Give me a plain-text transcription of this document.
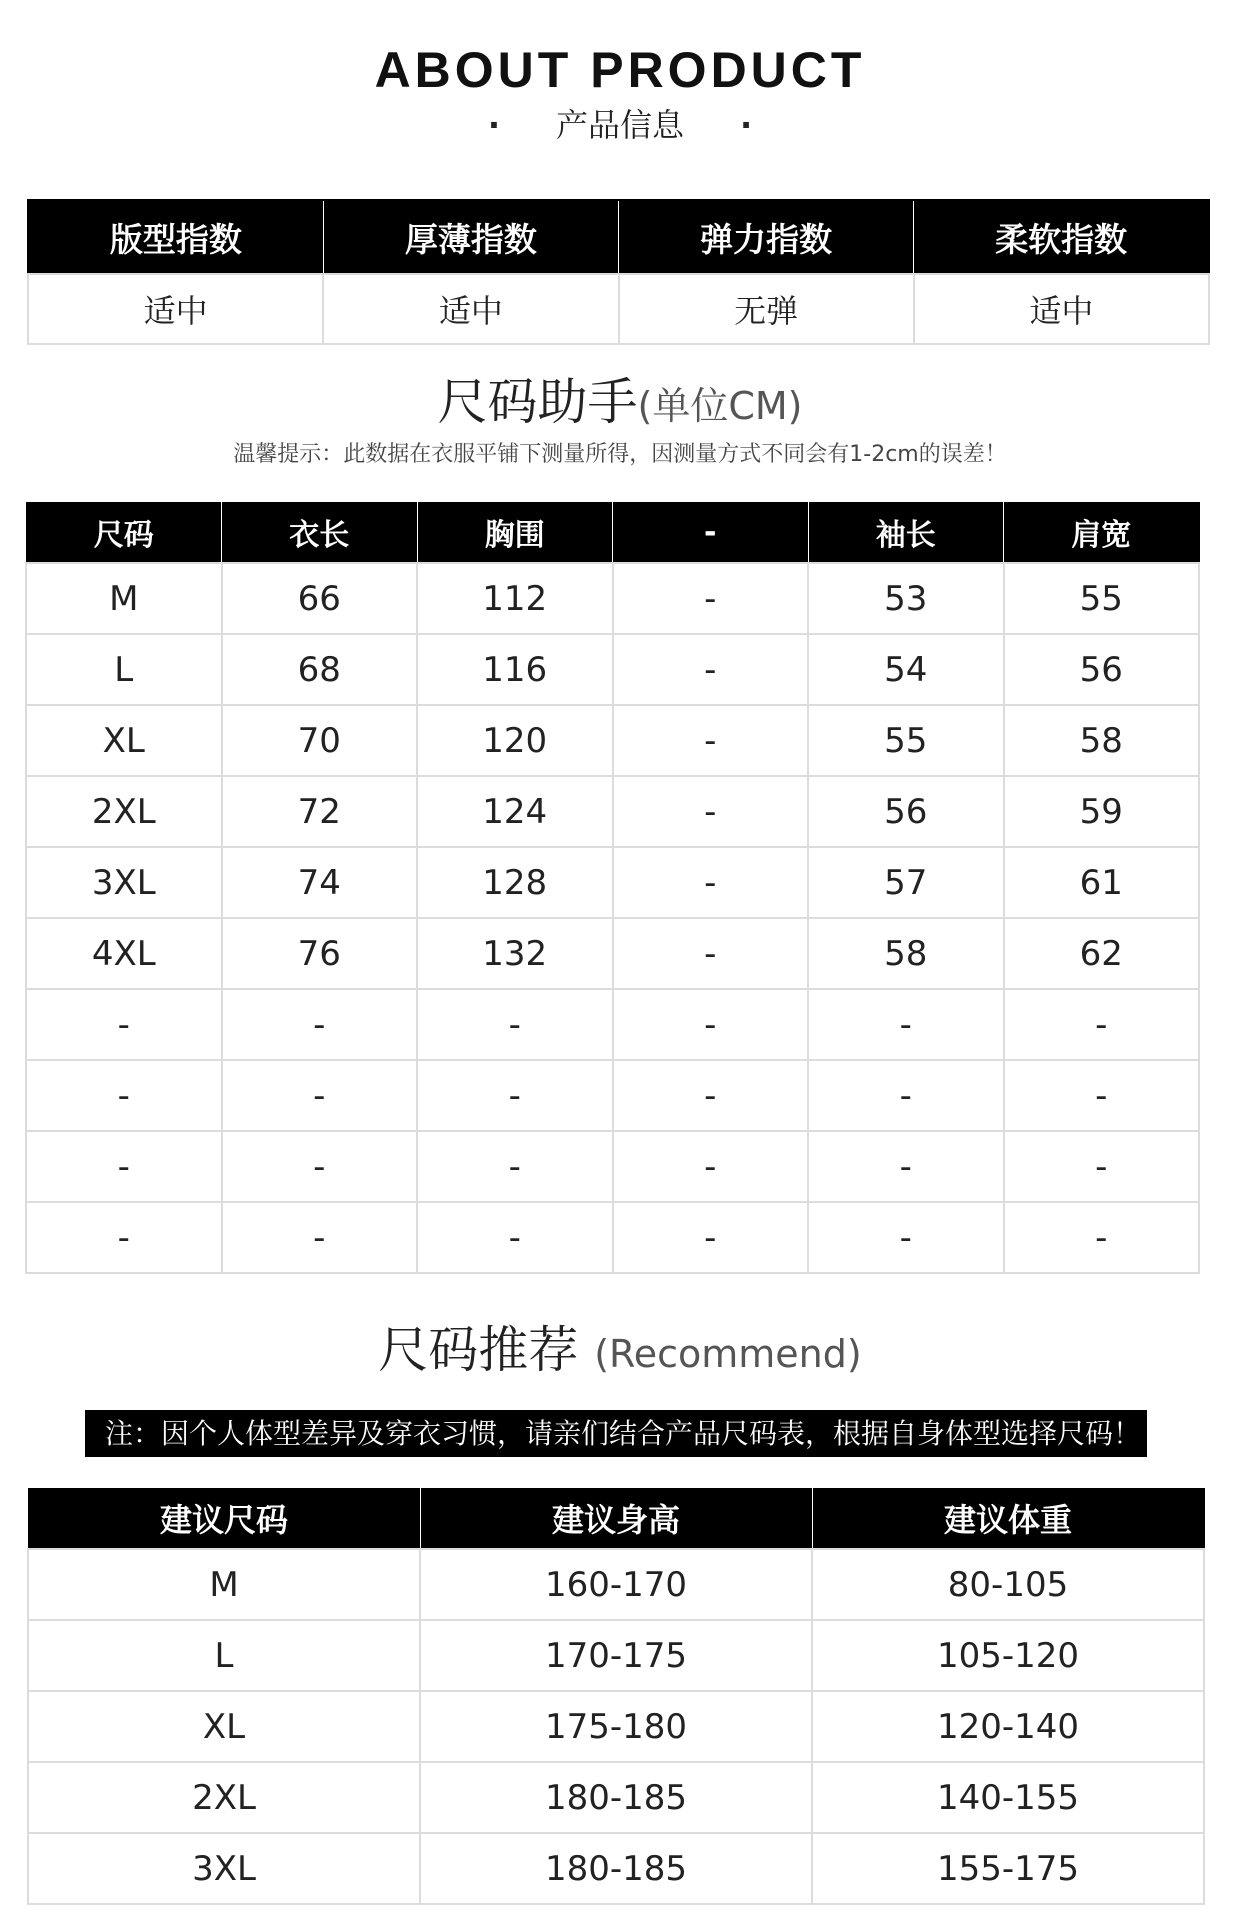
ABOUT PRODUCT
· 产品信息 ·
版型指数	厚薄指数	弹力指数	柔软指数
适中	适中	无弹	适中
尺码助手(单位CM)
温馨提示：此数据在衣服平铺下测量所得，因测量方式不同会有1-2cm的误差！
尺码	衣长	胸围	-	袖长	肩宽
M	66	112	-	53	55
L	68	116	-	54	56
XL	70	120	-	55	58
2XL	72	124	-	56	59
3XL	74	128	-	57	61
4XL	76	132	-	58	62
-	-	-	-	-	-
-	-	-	-	-	-
-	-	-	-	-	-
-	-	-	-	-	-
尺码推荐 (Recommend)
注：因个人体型差异及穿衣习惯，请亲们结合产品尺码表，根据自身体型选择尺码！
建议尺码	建议身高	建议体重
M	160-170	80-105
L	170-175	105-120
XL	175-180	120-140
2XL	180-185	140-155
3XL	180-185	155-175
